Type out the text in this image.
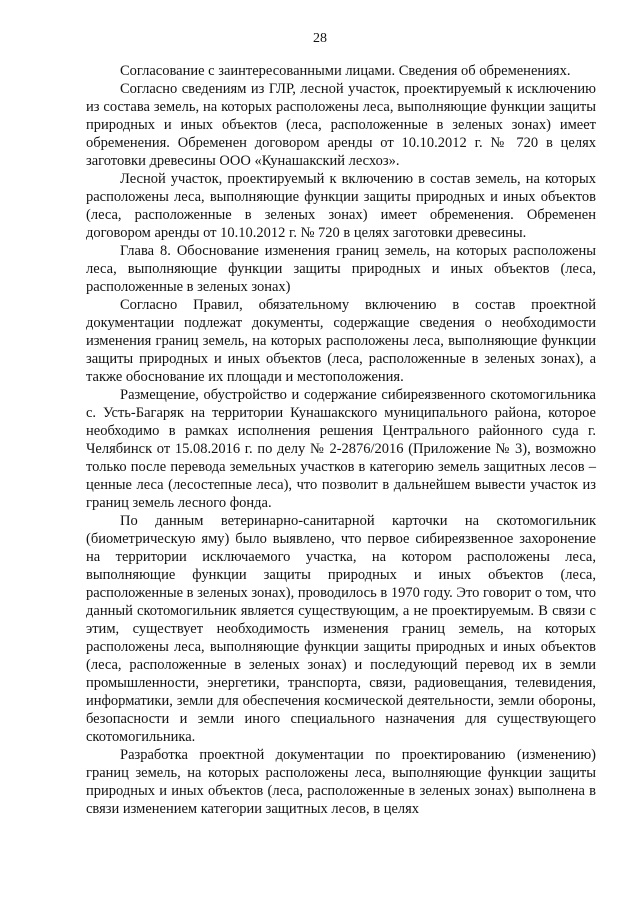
28

Согласование с заинтересованными лицами. Сведения об обременениях.

Согласно сведениям из ГЛР, лесной участок, проектируемый к исключению из состава земель, на которых расположены леса, выполняющие функции защиты природных и иных объектов (леса, расположенные в зеленых зонах) имеет обременения. Обременен договором аренды от 10.10.2012 г. № 720 в целях заготовки древесины ООО «Кунашакский лесхоз».

Лесной участок, проектируемый к включению в состав земель, на которых расположены леса, выполняющие функции защиты природных и иных объектов (леса, расположенные в зеленых зонах) имеет обременения. Обременен договором аренды от 10.10.2012 г. № 720 в целях заготовки древесины.

Глава 8. Обоснование изменения границ земель, на которых расположены леса, выполняющие функции защиты природных и иных объектов (леса, расположенные в зеленых зонах)

Согласно Правил, обязательному включению в состав проектной документации подлежат документы, содержащие сведения о необходимости изменения границ земель, на которых расположены леса, выполняющие функции защиты природных и иных объектов (леса, расположенные в зеленых зонах), а также обоснование их площади и местоположения.

Размещение, обустройство и содержание сибиреязвенного скотомогильника с. Усть-Багаряк на территории Кунашакского муниципального района, которое необходимо в рамках исполнения решения Центрального районного суда г. Челябинск от 15.08.2016 г. по делу № 2-2876/2016 (Приложение № 3), возможно только после перевода земельных участков в категорию земель защитных лесов – ценные леса (лесостепные леса), что позволит в дальнейшем вывести участок из границ земель лесного фонда.

По данным ветеринарно-санитарной карточки на скотомогильник (биометрическую яму) было выявлено, что первое сибиреязвенное захоронение на территории исключаемого участка, на котором расположены леса, выполняющие функции защиты природных и иных объектов (леса, расположенные в зеленых зонах), проводилось в 1970 году. Это говорит о том, что данный скотомогильник является существующим, а не проектируемым. В связи с этим, существует необходимость изменения границ земель, на которых расположены леса, выполняющие функции защиты природных и иных объектов (леса, расположенные в зеленых зонах) и последующий перевод их в земли промышленности, энергетики, транспорта, связи, радиовещания, телевидения, информатики, земли для обеспечения космической деятельности, земли обороны, безопасности и земли иного специального назначения для существующего скотомогильника.

Разработка проектной документации по проектированию (изменению) границ земель, на которых расположены леса, выполняющие функции защиты природных и иных объектов (леса, расположенные в зеленых зонах) выполнена в связи изменением категории защитных лесов, в целях
